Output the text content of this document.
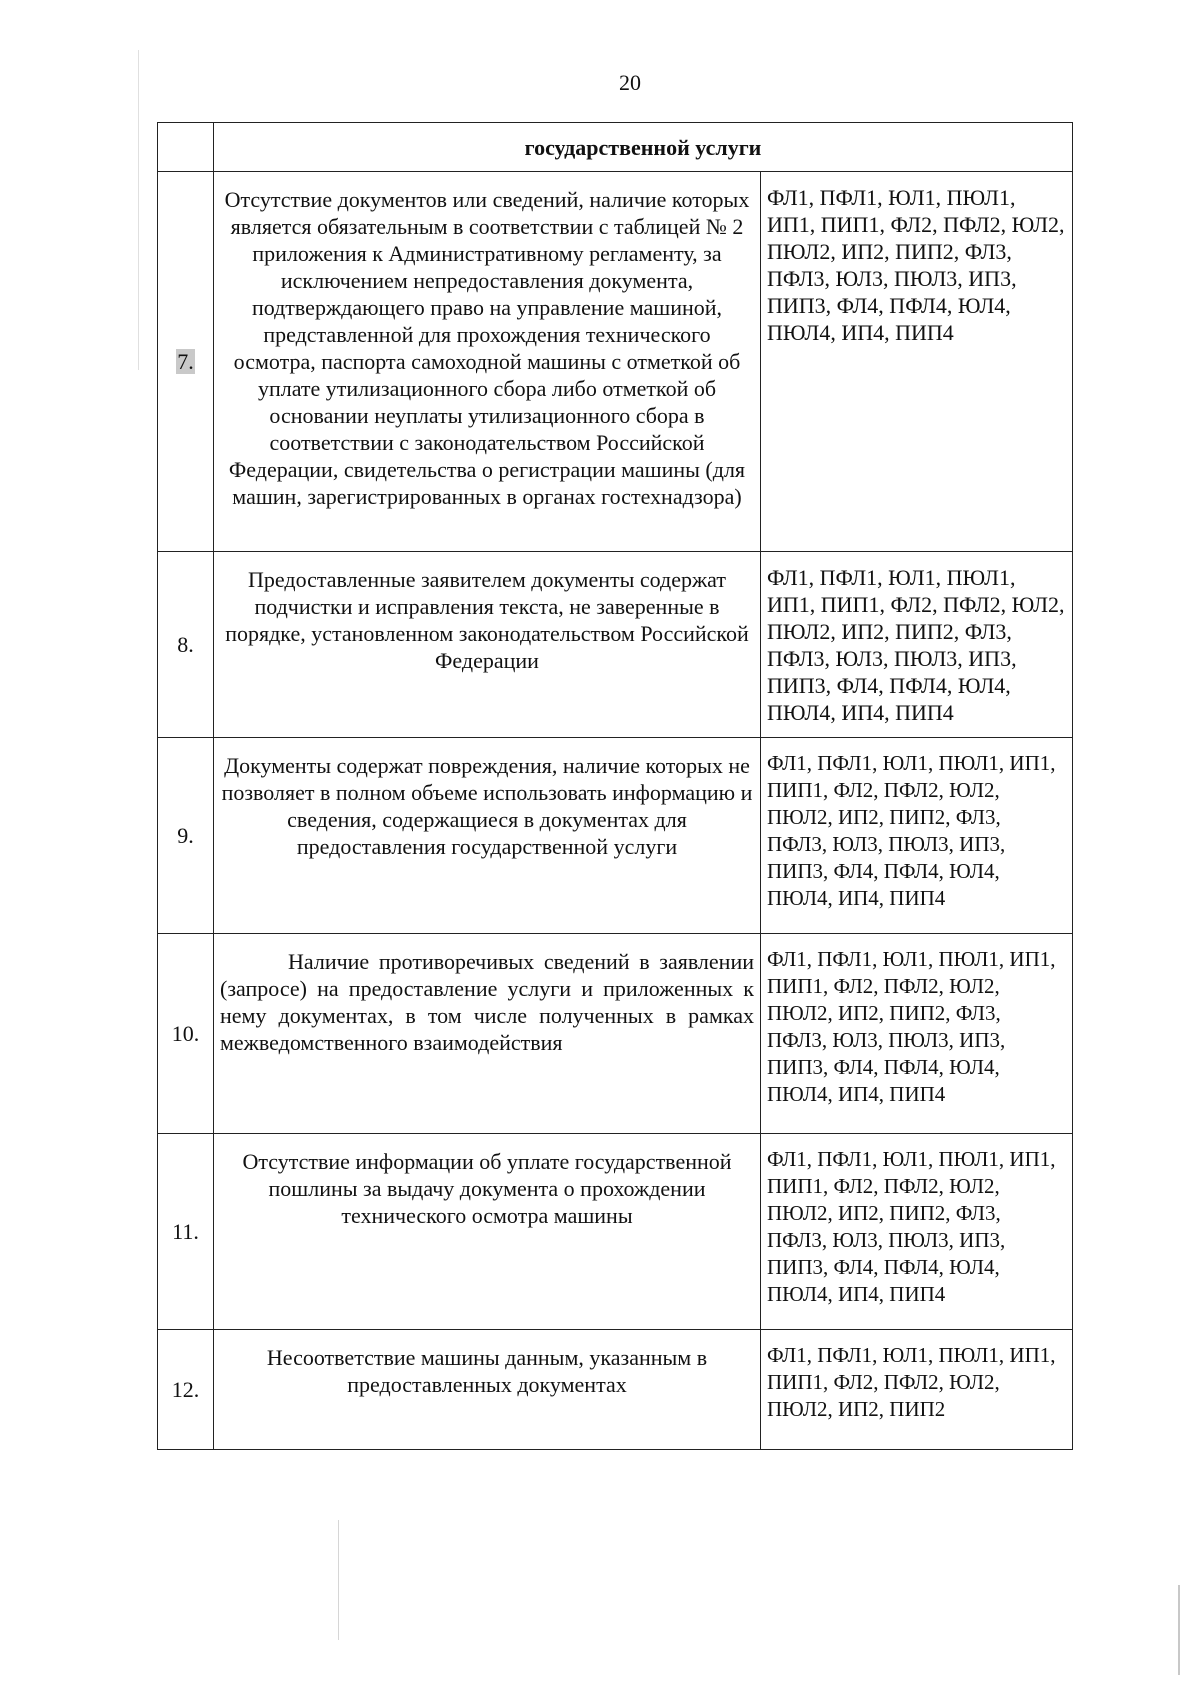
20
	государственной услуги	
7.	Отсутствие документов или сведений, наличие которых является обязательным в соответствии с таблицей № 2 приложения к Административному регламенту, за исключением непредоставления документа, подтверждающего право на управление машиной, представленной для прохождения технического осмотра, паспорта самоходной машины с отметкой об уплате утилизационного сбора либо отметкой об основании неуплаты утилизационного сбора в соответствии с законодательством Российской Федерации, свидетельства о регистрации машины (для машин, зарегистрированных в органах гостехнадзора)	ФЛ1, ПФЛ1, ЮЛ1, ПЮЛ1, ИП1, ПИП1, ФЛ2, ПФЛ2, ЮЛ2, ПЮЛ2, ИП2, ПИП2, ФЛ3, ПФЛ3, ЮЛ3, ПЮЛ3, ИП3, ПИП3, ФЛ4, ПФЛ4, ЮЛ4, ПЮЛ4, ИП4, ПИП4
8.	Предоставленные заявителем документы содержат подчистки и исправления текста, не заверенные в порядке, установленном законодательством Российской Федерации	ФЛ1, ПФЛ1, ЮЛ1, ПЮЛ1, ИП1, ПИП1, ФЛ2, ПФЛ2, ЮЛ2, ПЮЛ2, ИП2, ПИП2, ФЛ3, ПФЛ3, ЮЛ3, ПЮЛ3, ИП3, ПИП3, ФЛ4, ПФЛ4, ЮЛ4, ПЮЛ4, ИП4, ПИП4
9.	Документы содержат повреждения, наличие которых не позволяет в полном объеме использовать информацию и сведения, содержащиеся в документах для предоставления государственной услуги	ФЛ1, ПФЛ1, ЮЛ1, ПЮЛ1, ИП1, ПИП1, ФЛ2, ПФЛ2, ЮЛ2, ПЮЛ2, ИП2, ПИП2, ФЛ3, ПФЛ3, ЮЛ3, ПЮЛ3, ИП3, ПИП3, ФЛ4, ПФЛ4, ЮЛ4, ПЮЛ4, ИП4, ПИП4
10.	Наличие противоречивых сведений в заявлении (запросе) на предоставление услуги и приложенных к нему документах, в том числе полученных в рамках межведомственного взаимодействия	ФЛ1, ПФЛ1, ЮЛ1, ПЮЛ1, ИП1, ПИП1, ФЛ2, ПФЛ2, ЮЛ2, ПЮЛ2, ИП2, ПИП2, ФЛ3, ПФЛ3, ЮЛ3, ПЮЛ3, ИП3, ПИП3, ФЛ4, ПФЛ4, ЮЛ4, ПЮЛ4, ИП4, ПИП4
11.	Отсутствие информации об уплате государственной пошлины за выдачу документа о прохождении технического осмотра машины	ФЛ1, ПФЛ1, ЮЛ1, ПЮЛ1, ИП1, ПИП1, ФЛ2, ПФЛ2, ЮЛ2, ПЮЛ2, ИП2, ПИП2, ФЛ3, ПФЛ3, ЮЛ3, ПЮЛ3, ИП3, ПИП3, ФЛ4, ПФЛ4, ЮЛ4, ПЮЛ4, ИП4, ПИП4
12.	Несоответствие машины данным, указанным в предоставленных документах	ФЛ1, ПФЛ1, ЮЛ1, ПЮЛ1, ИП1, ПИП1, ФЛ2, ПФЛ2, ЮЛ2, ПЮЛ2, ИП2, ПИП2
